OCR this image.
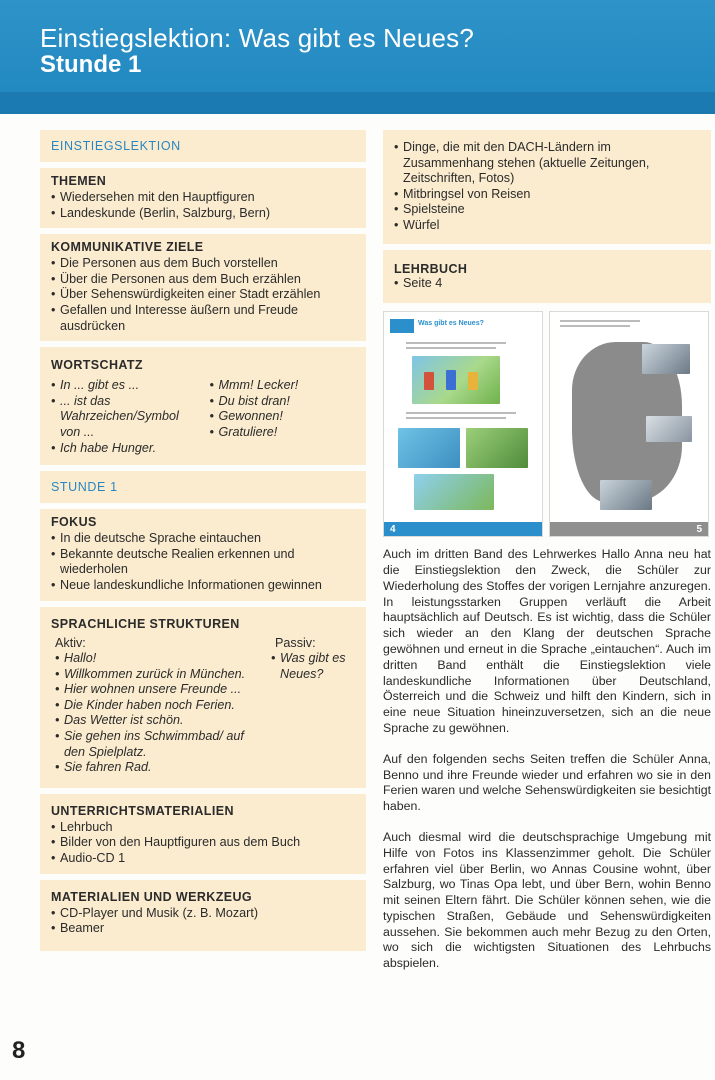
Einstiegslektion: Was gibt es Neues?
Stunde 1
EINSTIEGSLEKTION
THEMEN
• Wiedersehen mit den Hauptfiguren
• Landeskunde (Berlin, Salzburg, Bern)
KOMMUNIKATIVE ZIELE
• Die Personen aus dem Buch vorstellen
• Über die Personen aus dem Buch erzählen
• Über Sehenswürdigkeiten einer Stadt erzählen
• Gefallen und Interesse äußern und Freude ausdrücken
WORTSCHATZ
• In ... gibt es ...
• ... ist das Wahrzeichen/Symbol von ...
• Ich habe Hunger.
• Mmm! Lecker!
• Du bist dran!
• Gewonnen!
• Gratuliere!
STUNDE 1
FOKUS
• In die deutsche Sprache eintauchen
• Bekannte deutsche Realien erkennen und wiederholen
• Neue landeskundliche Informationen gewinnen
SPRACHLICHE STRUKTUREN
Aktiv:
• Hallo!
• Willkommen zurück in München.
• Hier wohnen unsere Freunde ...
• Die Kinder haben noch Ferien.
• Das Wetter ist schön.
• Sie gehen ins Schwimmbad/ auf den Spielplatz.
• Sie fahren Rad.
Passiv:
• Was gibt es Neues?
UNTERRICHTSMATERIALIEN
• Lehrbuch
• Bilder von den Hauptfiguren aus dem Buch
• Audio-CD 1
MATERIALIEN UND WERKZEUG
• CD-Player und Musik (z. B. Mozart)
• Beamer
• Dinge, die mit den DACH-Ländern im Zusammenhang stehen (aktuelle Zeitungen, Zeitschriften, Fotos)
• Mitbringsel von Reisen
• Spielsteine
• Würfel
LEHRBUCH
• Seite 4
Was gibt es Neues?
4	5

Auch im dritten Band des Lehrwerkes Hallo Anna neu hat die Einstiegslektion den Zweck, die Schüler zur Wiederholung des Stoffes der vorigen Lernjahre anzuregen. In leistungsstarken Gruppen verläuft die Arbeit hauptsächlich auf Deutsch. Es ist wichtig, dass die Schüler sich wieder an den Klang der deutschen Sprache gewöhnen und erneut in die Sprache „eintauchen“. Auch im dritten Band enthält die Einstiegslektion viele landeskundliche Informationen über Deutschland, Österreich und die Schweiz und hilft den Kindern, sich in eine neue Situation hineinzuversetzen, sich an die neue Sprache zu gewöhnen.

Auf den folgenden sechs Seiten treffen die Schüler Anna, Benno und ihre Freunde wieder und erfahren wo sie in den Ferien waren und welche Sehenswürdigkeiten sie besichtigt haben.

Auch diesmal wird die deutschsprachige Umgebung mit Hilfe von Fotos ins Klassenzimmer geholt. Die Schüler erfahren viel über Berlin, wo Annas Cousine wohnt, über Salzburg, wo Tinas Opa lebt, und über Bern, wohin Benno mit seinen Eltern fährt. Die Schüler können sehen, wie die typischen Straßen, Gebäude und Sehenswürdigkeiten aussehen. Sie bekommen auch mehr Bezug zu den Orten, wo sich die wichtigsten Situationen des Lehrbuchs abspielen.

8
